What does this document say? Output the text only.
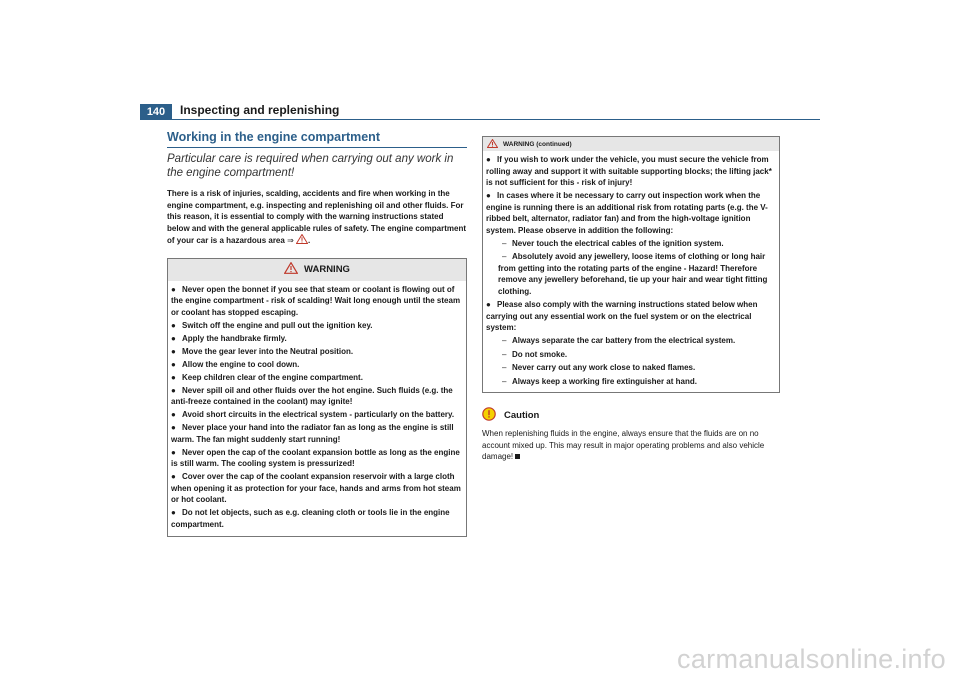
140	Inspecting and replenishing
Working in the engine compartment
Particular care is required when carrying out any work in the engine compartment!

There is a risk of injuries, scalding, accidents and fire when working in the engine compartment, e.g. inspecting and replenishing oil and other fluids. For this reason, it is essential to comply with the warning instructions stated below and with the general applicable rules of safety. The engine compartment of your car is a hazardous area ⇒ .

WARNING

● Never open the bonnet if you see that steam or coolant is flowing out of the engine compartment - risk of scalding! Wait long enough until the steam or coolant has stopped escaping.

● Switch off the engine and pull out the ignition key.

● Apply the handbrake firmly.

● Move the gear lever into the Neutral position.

● Allow the engine to cool down.

● Keep children clear of the engine compartment.

● Never spill oil and other fluids over the hot engine. Such fluids (e.g. the anti-freeze contained in the coolant) may ignite!

● Avoid short circuits in the electrical system - particularly on the battery.

● Never place your hand into the radiator fan as long as the engine is still warm. The fan might suddenly start running!

● Never open the cap of the coolant expansion bottle as long as the engine is still warm. The cooling system is pressurized!

● Cover over the cap of the coolant expansion reservoir with a large cloth when opening it as protection for your face, hands and arms from hot steam or hot coolant.

● Do not let objects, such as e.g. cleaning cloth or tools lie in the engine compartment.

WARNING (continued)

● If you wish to work under the vehicle, you must secure the vehicle from rolling away and support it with suitable supporting blocks; the lifting jack* is not sufficient for this - risk of injury!

● In cases where it be necessary to carry out inspection work when the engine is running there is an additional risk from rotating parts (e.g. the V-ribbed belt, alternator, radiator fan) and from the high-voltage ignition system. Please observe in addition the following:

– Never touch the electrical cables of the ignition system.

– Absolutely avoid any jewellery, loose items of clothing or long hair from getting into the rotating parts of the engine - Hazard! Therefore remove any jewellery beforehand, tie up your hair and wear tight fitting clothing.

● Please also comply with the warning instructions stated below when carrying out any essential work on the fuel system or on the electrical system:

– Always separate the car battery from the electrical system.

– Do not smoke.

– Never carry out any work close to naked flames.

– Always keep a working fire extinguisher at hand.

Caution

When replenishing fluids in the engine, always ensure that the fluids are on no account mixed up. This may result in major operating problems and also vehicle damage!

carmanualsonline.info
